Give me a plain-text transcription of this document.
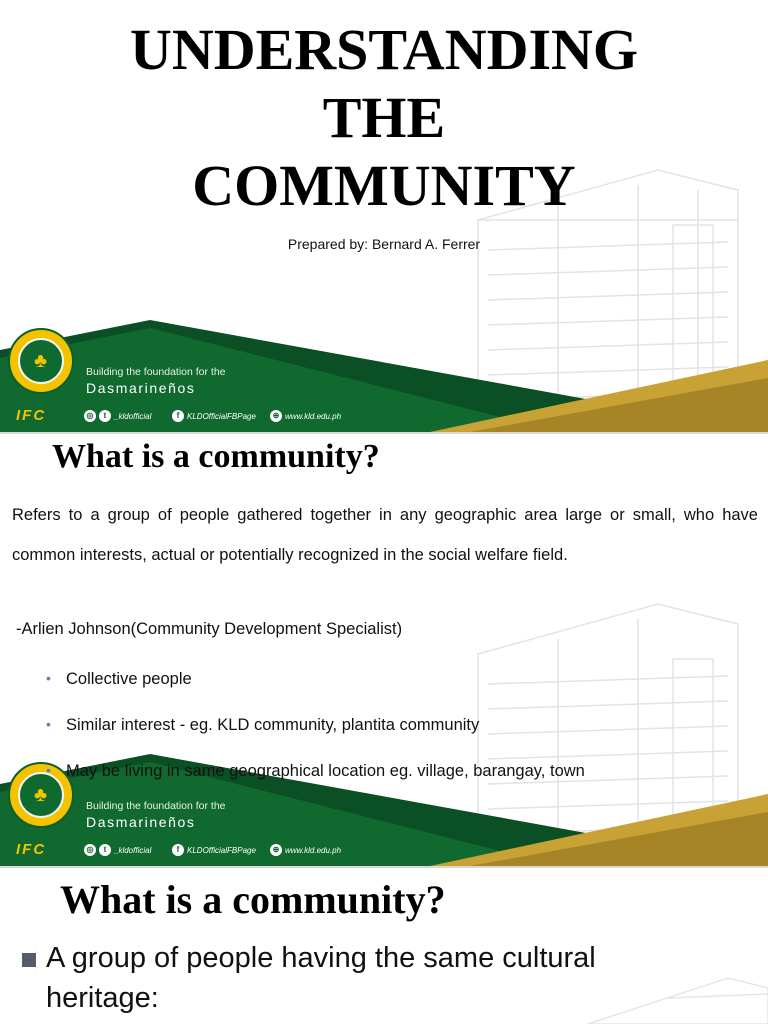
UNDERSTANDING
THE
COMMUNITY
Prepared by: Bernard A. Ferrer
♣	Building the foundation for the
Dasmarineños
IFC	◎	t _kldofficial	f KLDOfficialFBPage	⊕ www.kld.edu.ph
What is a community?
Refers to a group of people gathered together in any geographic area large or small, who have common interests, actual or potentially recognized in the social welfare field.
-Arlien Johnson(Community Development Specialist)
• Collective people
• Similar interest - eg. KLD community, plantita community
• May be living in same geographical location eg. village, barangay, town
♣	Building the foundation for the
Dasmarineños
IFC	◎	t _kldofficial	f KLDOfficialFBPage	⊕ www.kld.edu.ph
What is a community?
A group of people having the same cultural heritage:
